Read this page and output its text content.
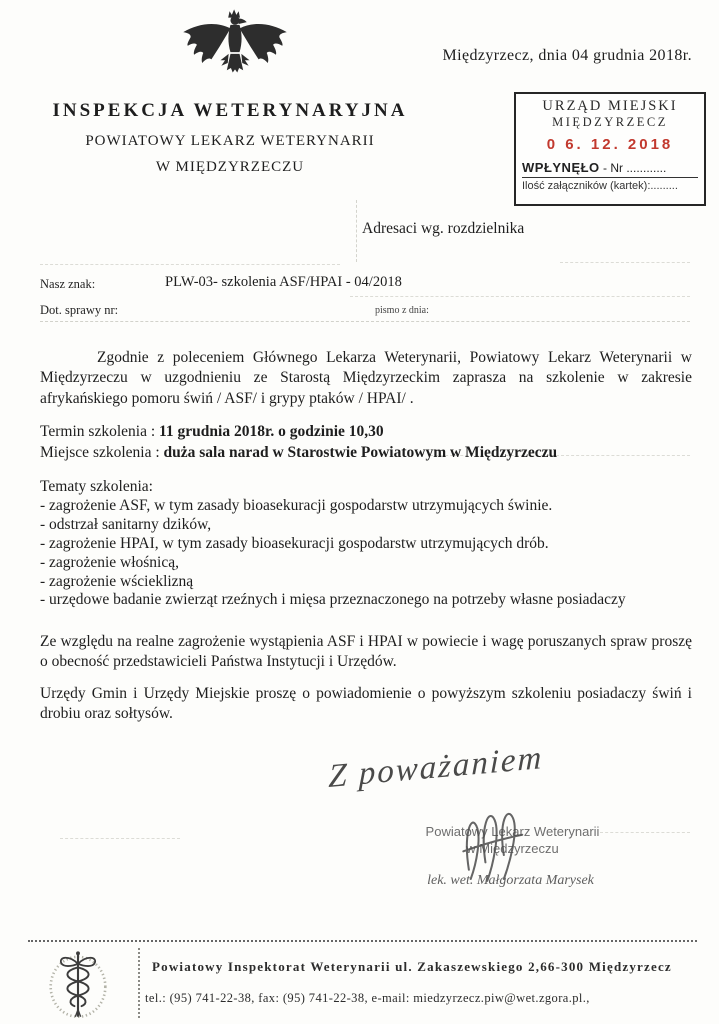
Międzyrzecz, dnia 04 grudnia 2018r.
INSPEKCJA WETERYNARYJNA
POWIATOWY LEKARZ WETERYNARII
W MIĘDZYRZECZU
URZĄD MIEJSKI
MIĘDZYRZECZ
0 6. 12. 2018
WPŁYNĘŁO - Nr ............
Ilość załączników (kartek):.........
Adresaci wg. rozdzielnika
Nasz znak:	PLW-03- szkolenia ASF/HPAI - 04/2018
Dot. sprawy nr:	pismo z dnia:
Zgodnie z poleceniem Głównego Lekarza Weterynarii, Powiatowy Lekarz Weterynarii w Międzyrzeczu w uzgodnieniu ze Starostą Międzyrzeckim zaprasza na szkolenie w zakresie afrykańskiego pomoru świń / ASF/ i grypy ptaków / HPAI/ .
Termin szkolenia : 11 grudnia 2018r. o godzinie 10,30
Miejsce szkolenia : duża sala narad w Starostwie Powiatowym w Międzyrzeczu
Tematy szkolenia:
- zagrożenie ASF, w tym zasady bioasekuracji gospodarstw utrzymujących świnie.
- odstrzał sanitarny dzików,
- zagrożenie HPAI, w tym zasady bioasekuracji gospodarstw utrzymujących drób.
- zagrożenie włośnicą,
- zagrożenie wścieklizną
- urzędowe badanie zwierząt rzeźnych i mięsa przeznaczonego na potrzeby własne posiadaczy
Ze względu na realne zagrożenie wystąpienia ASF i HPAI w powiecie i wagę poruszanych spraw proszę o obecność przedstawicieli Państwa Instytucji i Urzędów.
Urzędy Gmin i Urzędy Miejskie proszę o powiadomienie o powyższym szkoleniu posiadaczy świń i drobiu oraz sołtysów.
Z poważaniem
Powiatowy Lekarz Weterynarii
w Międzyrzeczu
lek. wet. Małgorzata Marysek
Powiatowy Inspektorat Weterynarii ul. Zakaszewskiego 2,66-300 Międzyrzecz
tel.: (95) 741-22-38, fax: (95) 741-22-38, e-mail: miedzyrzecz.piw@wet.zgora.pl.,
